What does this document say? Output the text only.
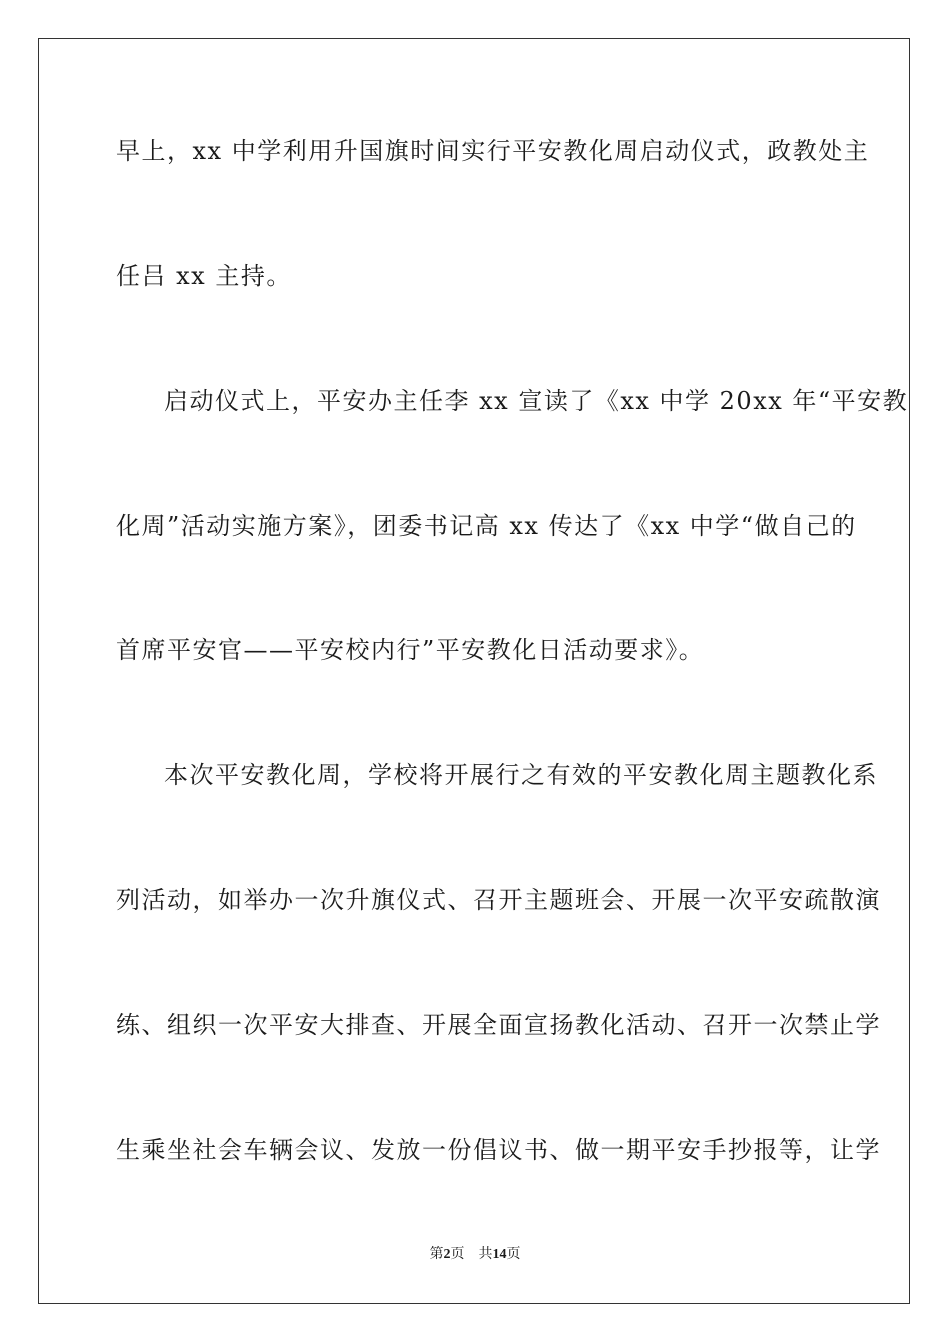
早上，xx 中学利用升国旗时间实行平安教化周启动仪式，政教处主
任吕 xx 主持。
启动仪式上，平安办主任李 xx 宣读了《xx 中学 20xx 年“平安教
化周”活动实施方案》，团委书记高 xx 传达了《xx 中学“做自己的
首席平安官——平安校内行”平安教化日活动要求》。
本次平安教化周，学校将开展行之有效的平安教化周主题教化系
列活动，如举办一次升旗仪式、召开主题班会、开展一次平安疏散演
练、组织一次平安大排查、开展全面宣扬教化活动、召开一次禁止学
生乘坐社会车辆会议、发放一份倡议书、做一期平安手抄报等，让学
第2页 共14页
